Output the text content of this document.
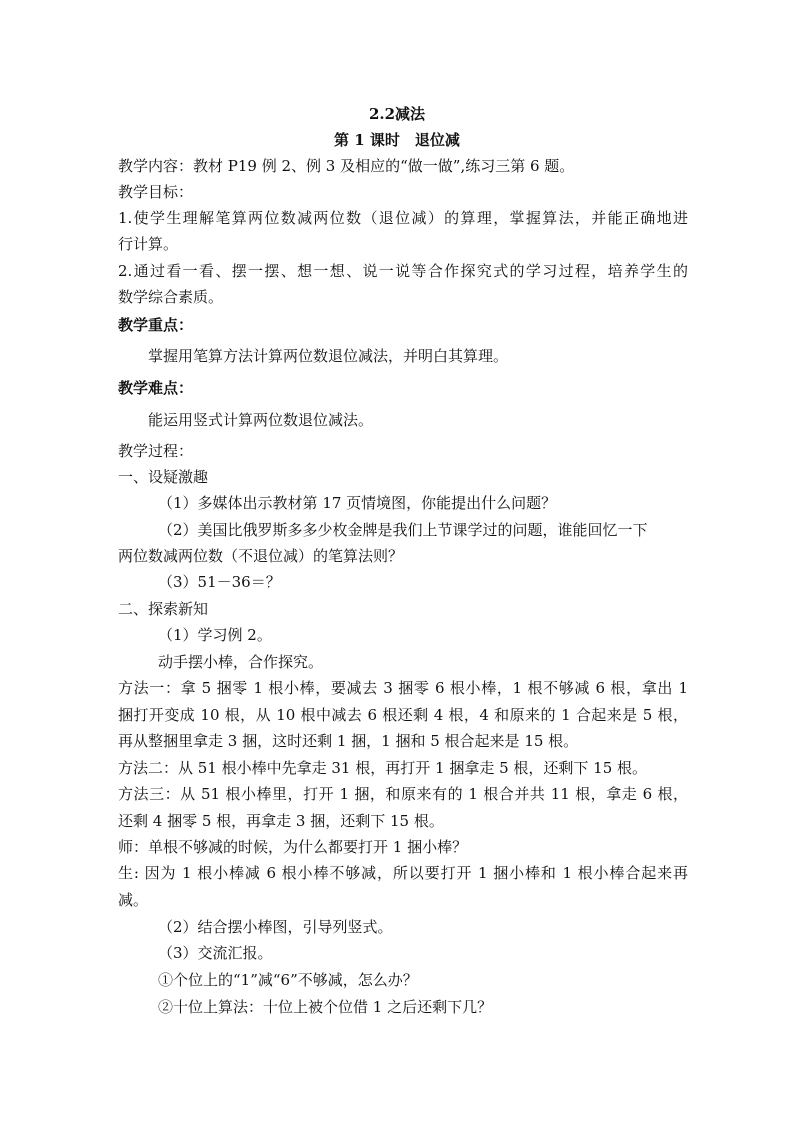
2.2减法
第 1 课时　退位减
教学内容：教材 P19 例 2、例 3 及相应的“做一做”,练习三第 6 题。
教学目标：
1.使学生理解笔算两位数减两位数（退位减）的算理，掌握算法，并能正确地进
行计算。
2.通过看一看、摆一摆、想一想、说一说等合作探究式的学习过程，培养学生的
数学综合素质。
教学重点：
掌握用笔算方法计算两位数退位减法，并明白其算理。
教学难点：
能运用竖式计算两位数退位减法。
教学过程：
一、设疑激趣
（1）多媒体出示教材第 17 页情境图，你能提出什么问题？
（2）美国比俄罗斯多多少枚金牌是我们上节课学过的问题，谁能回忆一下
两位数减两位数（不退位减）的笔算法则？
（3）51－36＝？
二、探索新知
（1）学习例 2。
动手摆小棒，合作探究。
方法一：拿 5 捆零 1 根小棒，要减去 3 捆零 6 根小棒，1 根不够减 6 根，拿出 1
捆打开变成 10 根，从 10 根中减去 6 根还剩 4 根，4 和原来的 1 合起来是 5 根，
再从整捆里拿走 3 捆，这时还剩 1 捆，1 捆和 5 根合起来是 15 根。
方法二：从 51 根小棒中先拿走 31 根，再打开 1 捆拿走 5 根，还剩下 15 根。
方法三：从 51 根小棒里，打开 1 捆，和原来有的 1 根合并共 11 根，拿走 6 根，
还剩 4 捆零 5 根，再拿走 3 捆，还剩下 15 根。
师：单根不够减的时候，为什么都要打开 1 捆小棒？
生: 因为 1 根小棒减 6 根小棒不够减，所以要打开 1 捆小棒和 1 根小棒合起来再
减。
（2）结合摆小棒图，引导列竖式。
（3）交流汇报。
①个位上的“1”减“6”不够减，怎么办？
②十位上算法：十位上被个位借 1 之后还剩下几？
